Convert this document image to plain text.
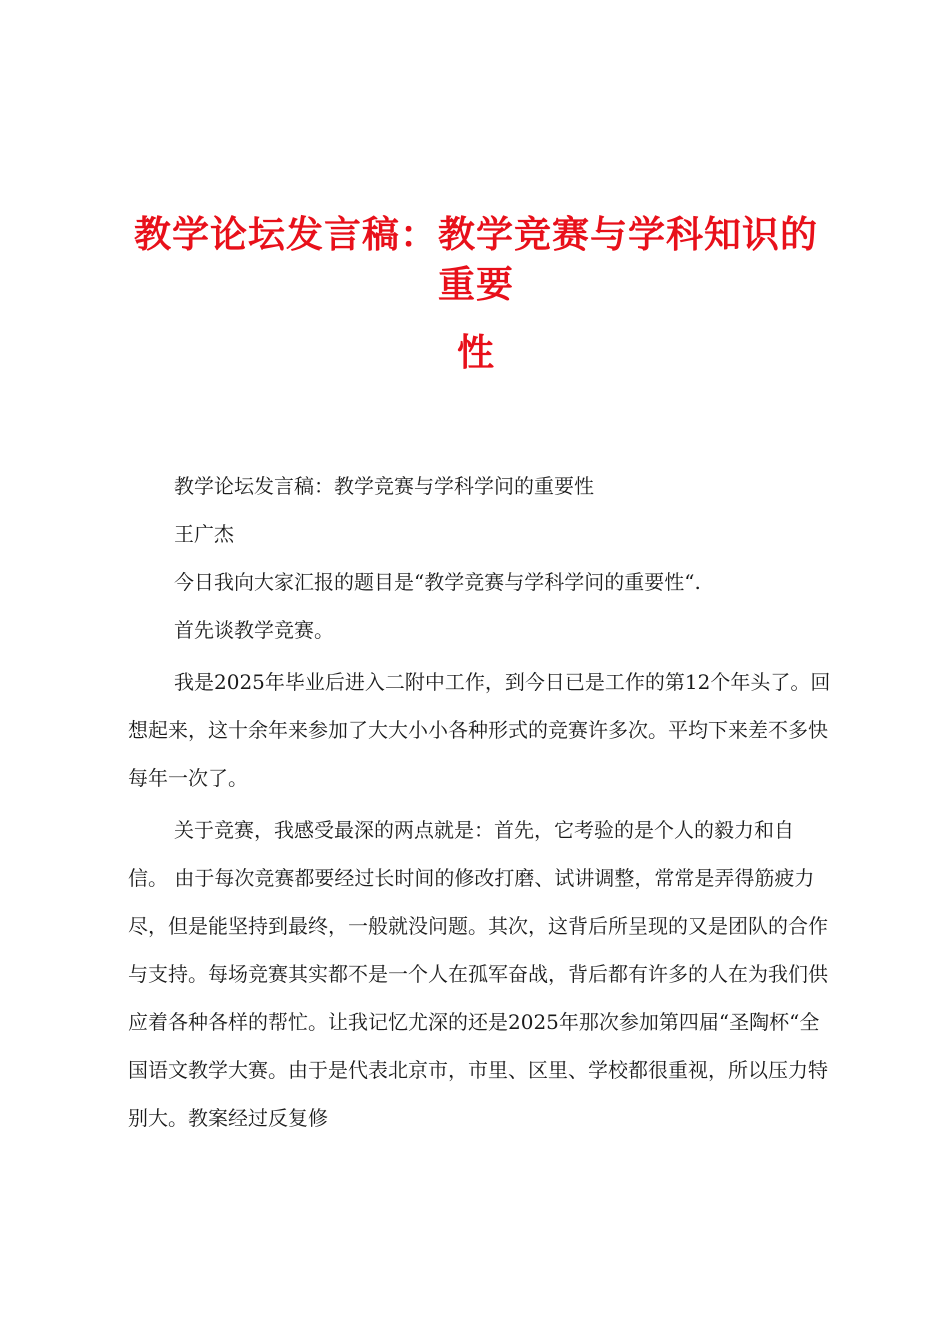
教学论坛发言稿：教学竞赛与学科知识的重要
性

教学论坛发言稿：教学竞赛与学科学问的重要性

王广杰

今日我向大家汇报的题目是“教学竞赛与学科学问的重要性“.

首先谈教学竞赛。

我是2025年毕业后进入二附中工作，到今日已是工作的第12个年头了。回想起来，这十余年来参加了大大小小各种形式的竞赛许多次。平均下来差不多快每年一次了。

关于竞赛，我感受最深的两点就是：首先，它考验的是个人的毅力和自信。 由于每次竞赛都要经过长时间的修改打磨、试讲调整，常常是弄得筋疲力尽，但是能坚持到最终，一般就没问题。其次，这背后所呈现的又是团队的合作与支持。每场竞赛其实都不是一个人在孤军奋战，背后都有许多的人在为我们供应着各种各样的帮忙。让我记忆尤深的还是2025年那次参加第四届“圣陶杯“全国语文教学大赛。由于是代表北京市，市里、区里、学校都很重视，所以压力特别大。教案经过反复修
